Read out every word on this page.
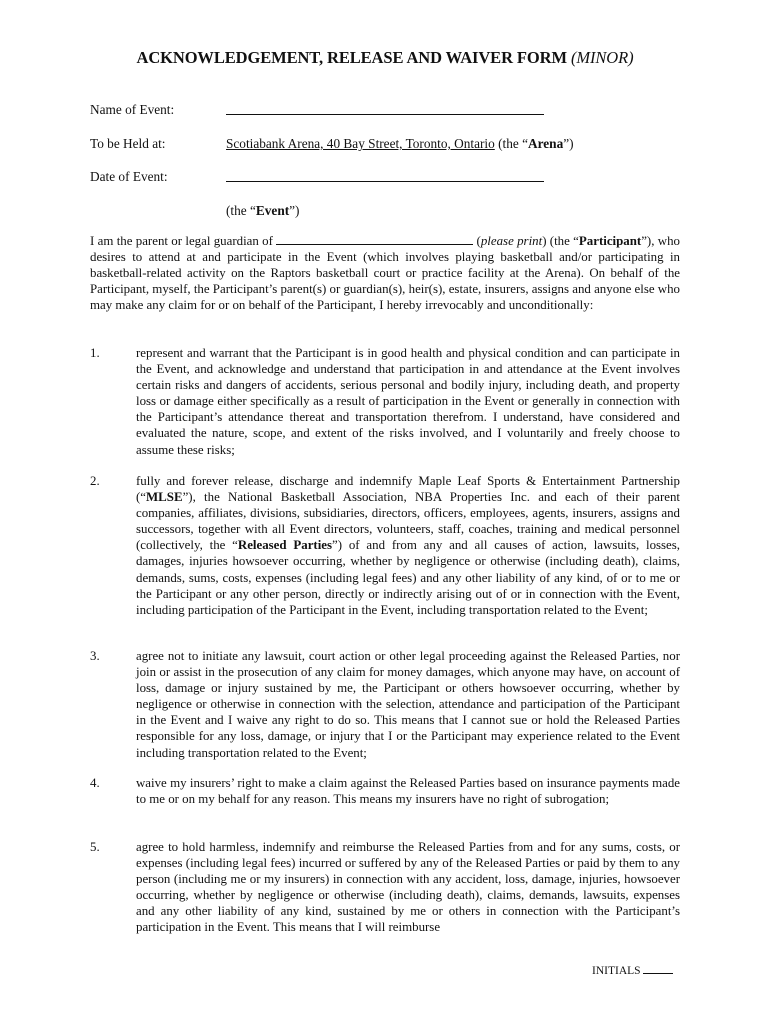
ACKNOWLEDGEMENT, RELEASE AND WAIVER FORM (MINOR)
Name of Event:
To be Held at:	Scotiabank Arena, 40 Bay Street, Toronto, Ontario (the “Arena”)
Date of Event:
(the “Event”)
I am the parent or legal guardian of	(please print) (the “Participant”), who desires to attend at and participate in the Event (which involves playing basketball and/or participating in basketball-related activity on the Raptors basketball court or practice facility at the Arena). On behalf of the Participant, myself, the Participant’s parent(s) or guardian(s), heir(s), estate, insurers, assigns and anyone else who may make any claim for or on behalf of the Participant, I hereby irrevocably and unconditionally:
1.	represent and warrant that the Participant is in good health and physical condition and can participate in the Event, and acknowledge and understand that participation in and attendance at the Event involves certain risks and dangers of accidents, serious personal and bodily injury, including death, and property loss or damage either specifically as a result of participation in the Event or generally in connection with the Participant’s attendance thereat and transportation therefrom. I understand, have considered and evaluated the nature, scope, and extent of the risks involved, and I voluntarily and freely choose to assume these risks;
2.	fully and forever release, discharge and indemnify Maple Leaf Sports & Entertainment Partnership (“MLSE”), the National Basketball Association, NBA Properties Inc. and each of their parent companies, affiliates, divisions, subsidiaries, directors, officers, employees, agents, insurers, assigns and successors, together with all Event directors, volunteers, staff, coaches, training and medical personnel (collectively, the “Released Parties”) of and from any and all causes of action, lawsuits, losses, damages, injuries howsoever occurring, whether by negligence or otherwise (including death), claims, demands, sums, costs, expenses (including legal fees) and any other liability of any kind, of or to me or the Participant or any other person, directly or indirectly arising out of or in connection with the Event, including participation of the Participant in the Event, including transportation related to the Event;
3.	agree not to initiate any lawsuit, court action or other legal proceeding against the Released Parties, nor join or assist in the prosecution of any claim for money damages, which anyone may have, on account of loss, damage or injury sustained by me, the Participant or others howsoever occurring, whether by negligence or otherwise in connection with the selection, attendance and participation of the Participant in the Event and I waive any right to do so. This means that I cannot sue or hold the Released Parties responsible for any loss, damage, or injury that I or the Participant may experience related to the Event including transportation related to the Event;
4.	waive my insurers’ right to make a claim against the Released Parties based on insurance payments made to me or on my behalf for any reason. This means my insurers have no right of subrogation;
5.	agree to hold harmless, indemnify and reimburse the Released Parties from and for any sums, costs, or expenses (including legal fees) incurred or suffered by any of the Released Parties or paid by them to any person (including me or my insurers) in connection with any accident, loss, damage, injuries, howsoever occurring, whether by negligence or otherwise (including death), claims, demands, lawsuits, expenses and any other liability of any kind, sustained by me or others in connection with the Participant’s participation in the Event. This means that I will reimburse
INITIALS
